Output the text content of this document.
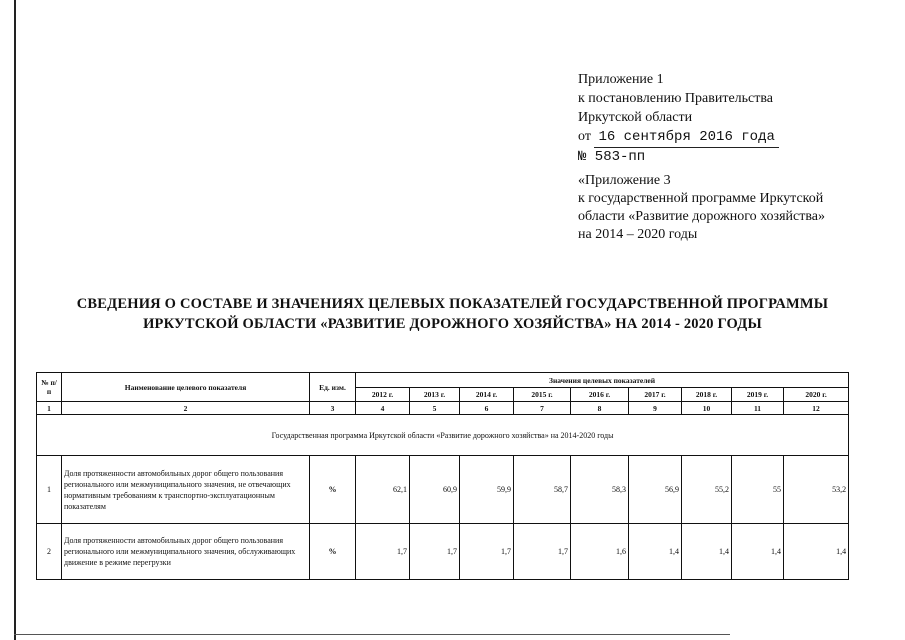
Приложение 1
к постановлению Правительства
Иркутской области
от 16 сентября 2016 года
№ 583-пп
«Приложение 3
к государственной программе Иркутской
области «Развитие дорожного хозяйства»
на 2014 – 2020 годы
СВЕДЕНИЯ О СОСТАВЕ И ЗНАЧЕНИЯХ ЦЕЛЕВЫХ ПОКАЗАТЕЛЕЙ ГОСУДАРСТВЕННОЙ ПРОГРАММЫ
ИРКУТСКОЙ ОБЛАСТИ «РАЗВИТИЕ ДОРОЖНОГО ХОЗЯЙСТВА» НА 2014 - 2020 ГОДЫ
№ п/п	Наименование целевого показателя	Ед. изм.	Значения целевых показателей								
			2012 г.	2013 г.	2014 г.	2015 г.	2016 г.	2017 г.	2018 г.	2019 г.	2020 г.
1	2	3	4	5	6	7	8	9	10	11	12
Государственная программа Иркутской области «Развитие дорожного хозяйства» на 2014-2020 годы											
1	Доля протяженности автомобильных дорог общего пользования регионального или межмуниципального значения, не отвечающих нормативным требованиям к транспортно-эксплуатационным показателям	%	62,1	60,9	59,9	58,7	58,3	56,9	55,2	55	53,2
2	Доля протяженности автомобильных дорог общего пользования регионального или межмуниципального значения, обслуживающих движение в режиме перегрузки	%	1,7	1,7	1,7	1,7	1,6	1,4	1,4	1,4	1,4
